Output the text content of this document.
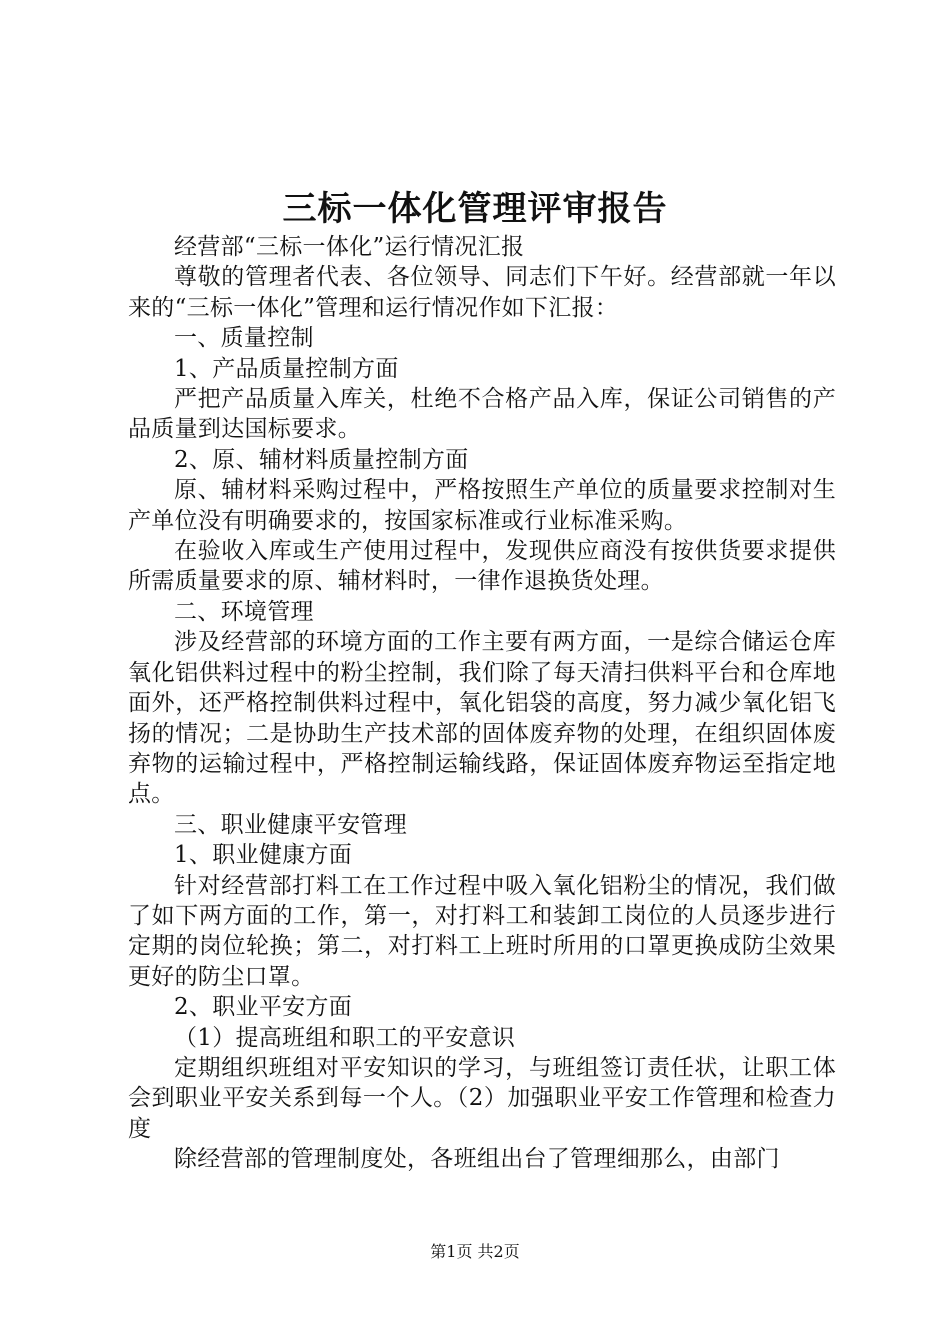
三标一体化管理评审报告

经营部“三标一体化”运行情况汇报

尊敬的管理者代表、各位领导、同志们下午好。经营部就一年以来的“三标一体化”管理和运行情况作如下汇报：

一、质量控制

1、产品质量控制方面

严把产品质量入库关，杜绝不合格产品入库，保证公司销售的产品质量到达国标要求。

2、原、辅材料质量控制方面

原、辅材料采购过程中，严格按照生产单位的质量要求控制对生产单位没有明确要求的，按国家标准或行业标准采购。

在验收入库或生产使用过程中，发现供应商没有按供货要求提供所需质量要求的原、辅材料时，一律作退换货处理。

二、环境管理

涉及经营部的环境方面的工作主要有两方面，一是综合储运仓库氧化铝供料过程中的粉尘控制，我们除了每天清扫供料平台和仓库地面外，还严格控制供料过程中，氧化铝袋的高度，努力减少氧化铝飞扬的情况；二是协助生产技术部的固体废弃物的处理，在组织固体废弃物的运输过程中，严格控制运输线路，保证固体废弃物运至指定地点。

三、职业健康平安管理

1、职业健康方面

针对经营部打料工在工作过程中吸入氧化铝粉尘的情况，我们做了如下两方面的工作，第一，对打料工和装卸工岗位的人员逐步进行定期的岗位轮换；第二，对打料工上班时所用的口罩更换成防尘效果更好的防尘口罩。

2、职业平安方面

（1）提高班组和职工的平安意识

定期组织班组对平安知识的学习，与班组签订责任状，让职工体会到职业平安关系到每一个人。（2）加强职业平安工作管理和检查力度

除经营部的管理制度处，各班组出台了管理细那么，由部门

第1页 共2页
